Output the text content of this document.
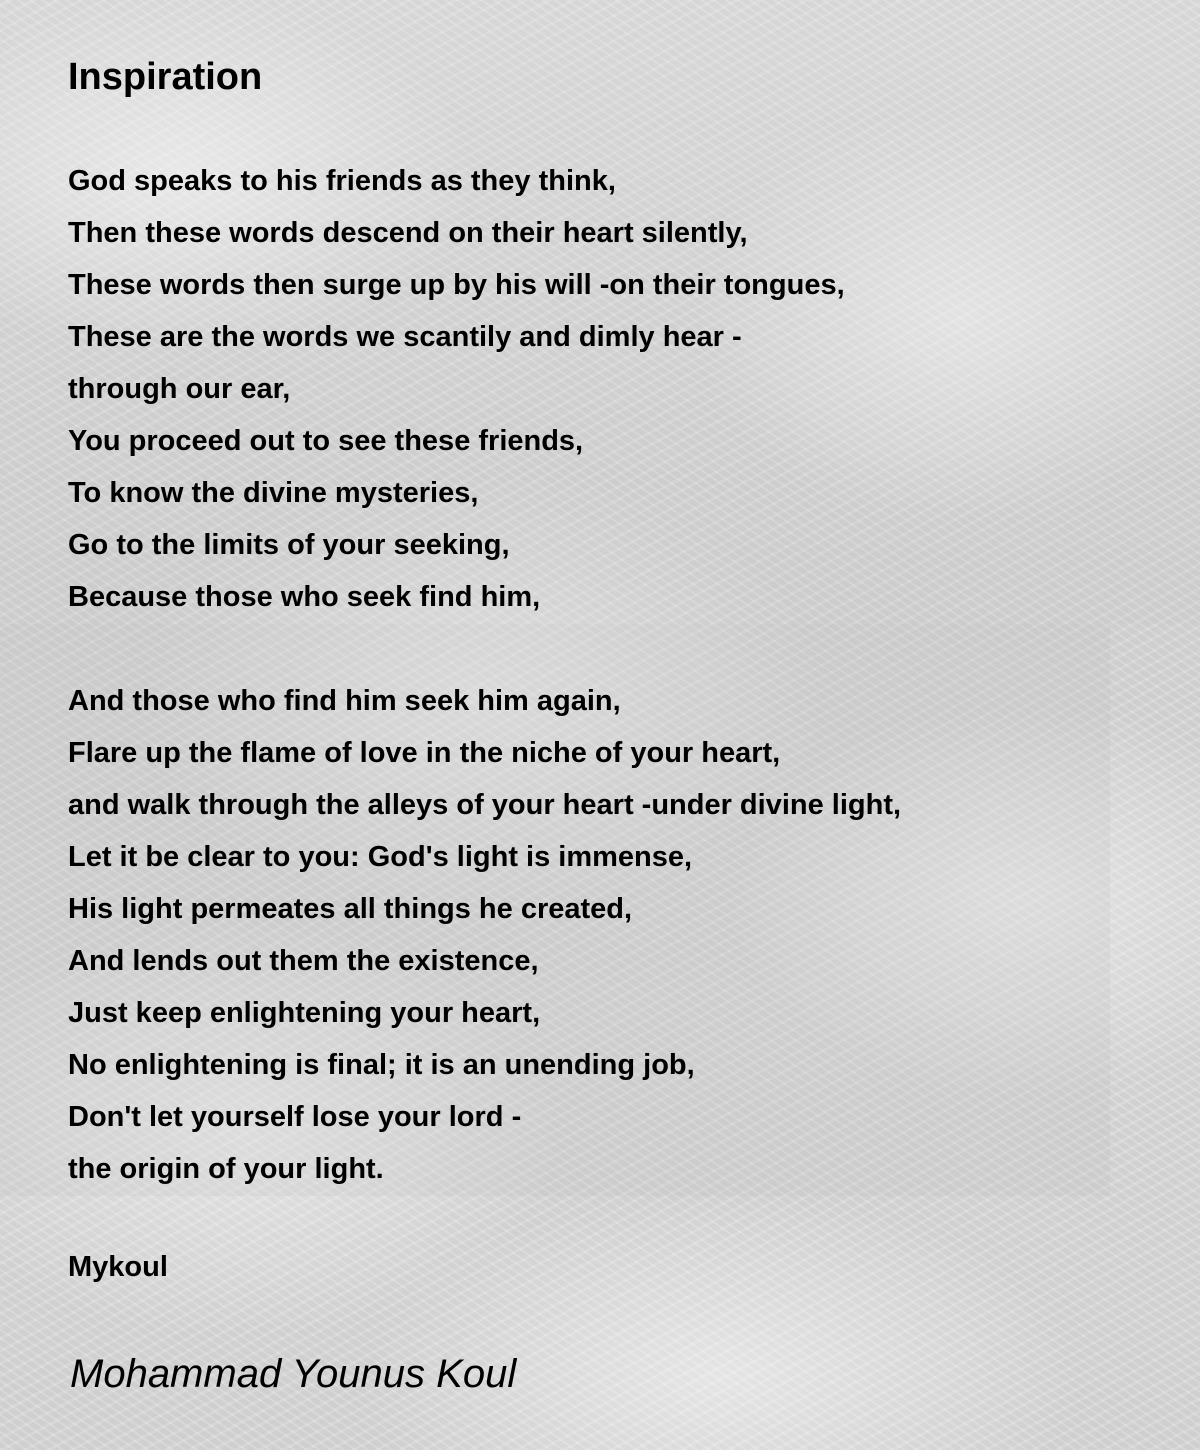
Inspiration
God speaks to his friends as they think,
Then these words descend on their heart silently,
These words then surge up by his will -on their tongues,
These are the words we scantily and dimly hear -
through our ear,
You proceed out to see these friends,
To know the divine mysteries,
Go to the limits of your seeking,
Because those who seek find him,
And those who find him seek him again,
Flare up the flame of love in the niche of your heart,
and walk through the alleys of your heart -under divine light,
Let it be clear to you: God's light is immense,
His light permeates all things he created,
And lends out them the existence,
Just keep enlightening your heart,
No enlightening is final; it is an unending job,
Don't let yourself lose your lord -
the origin of your light.
Mykoul
Mohammad Younus Koul
